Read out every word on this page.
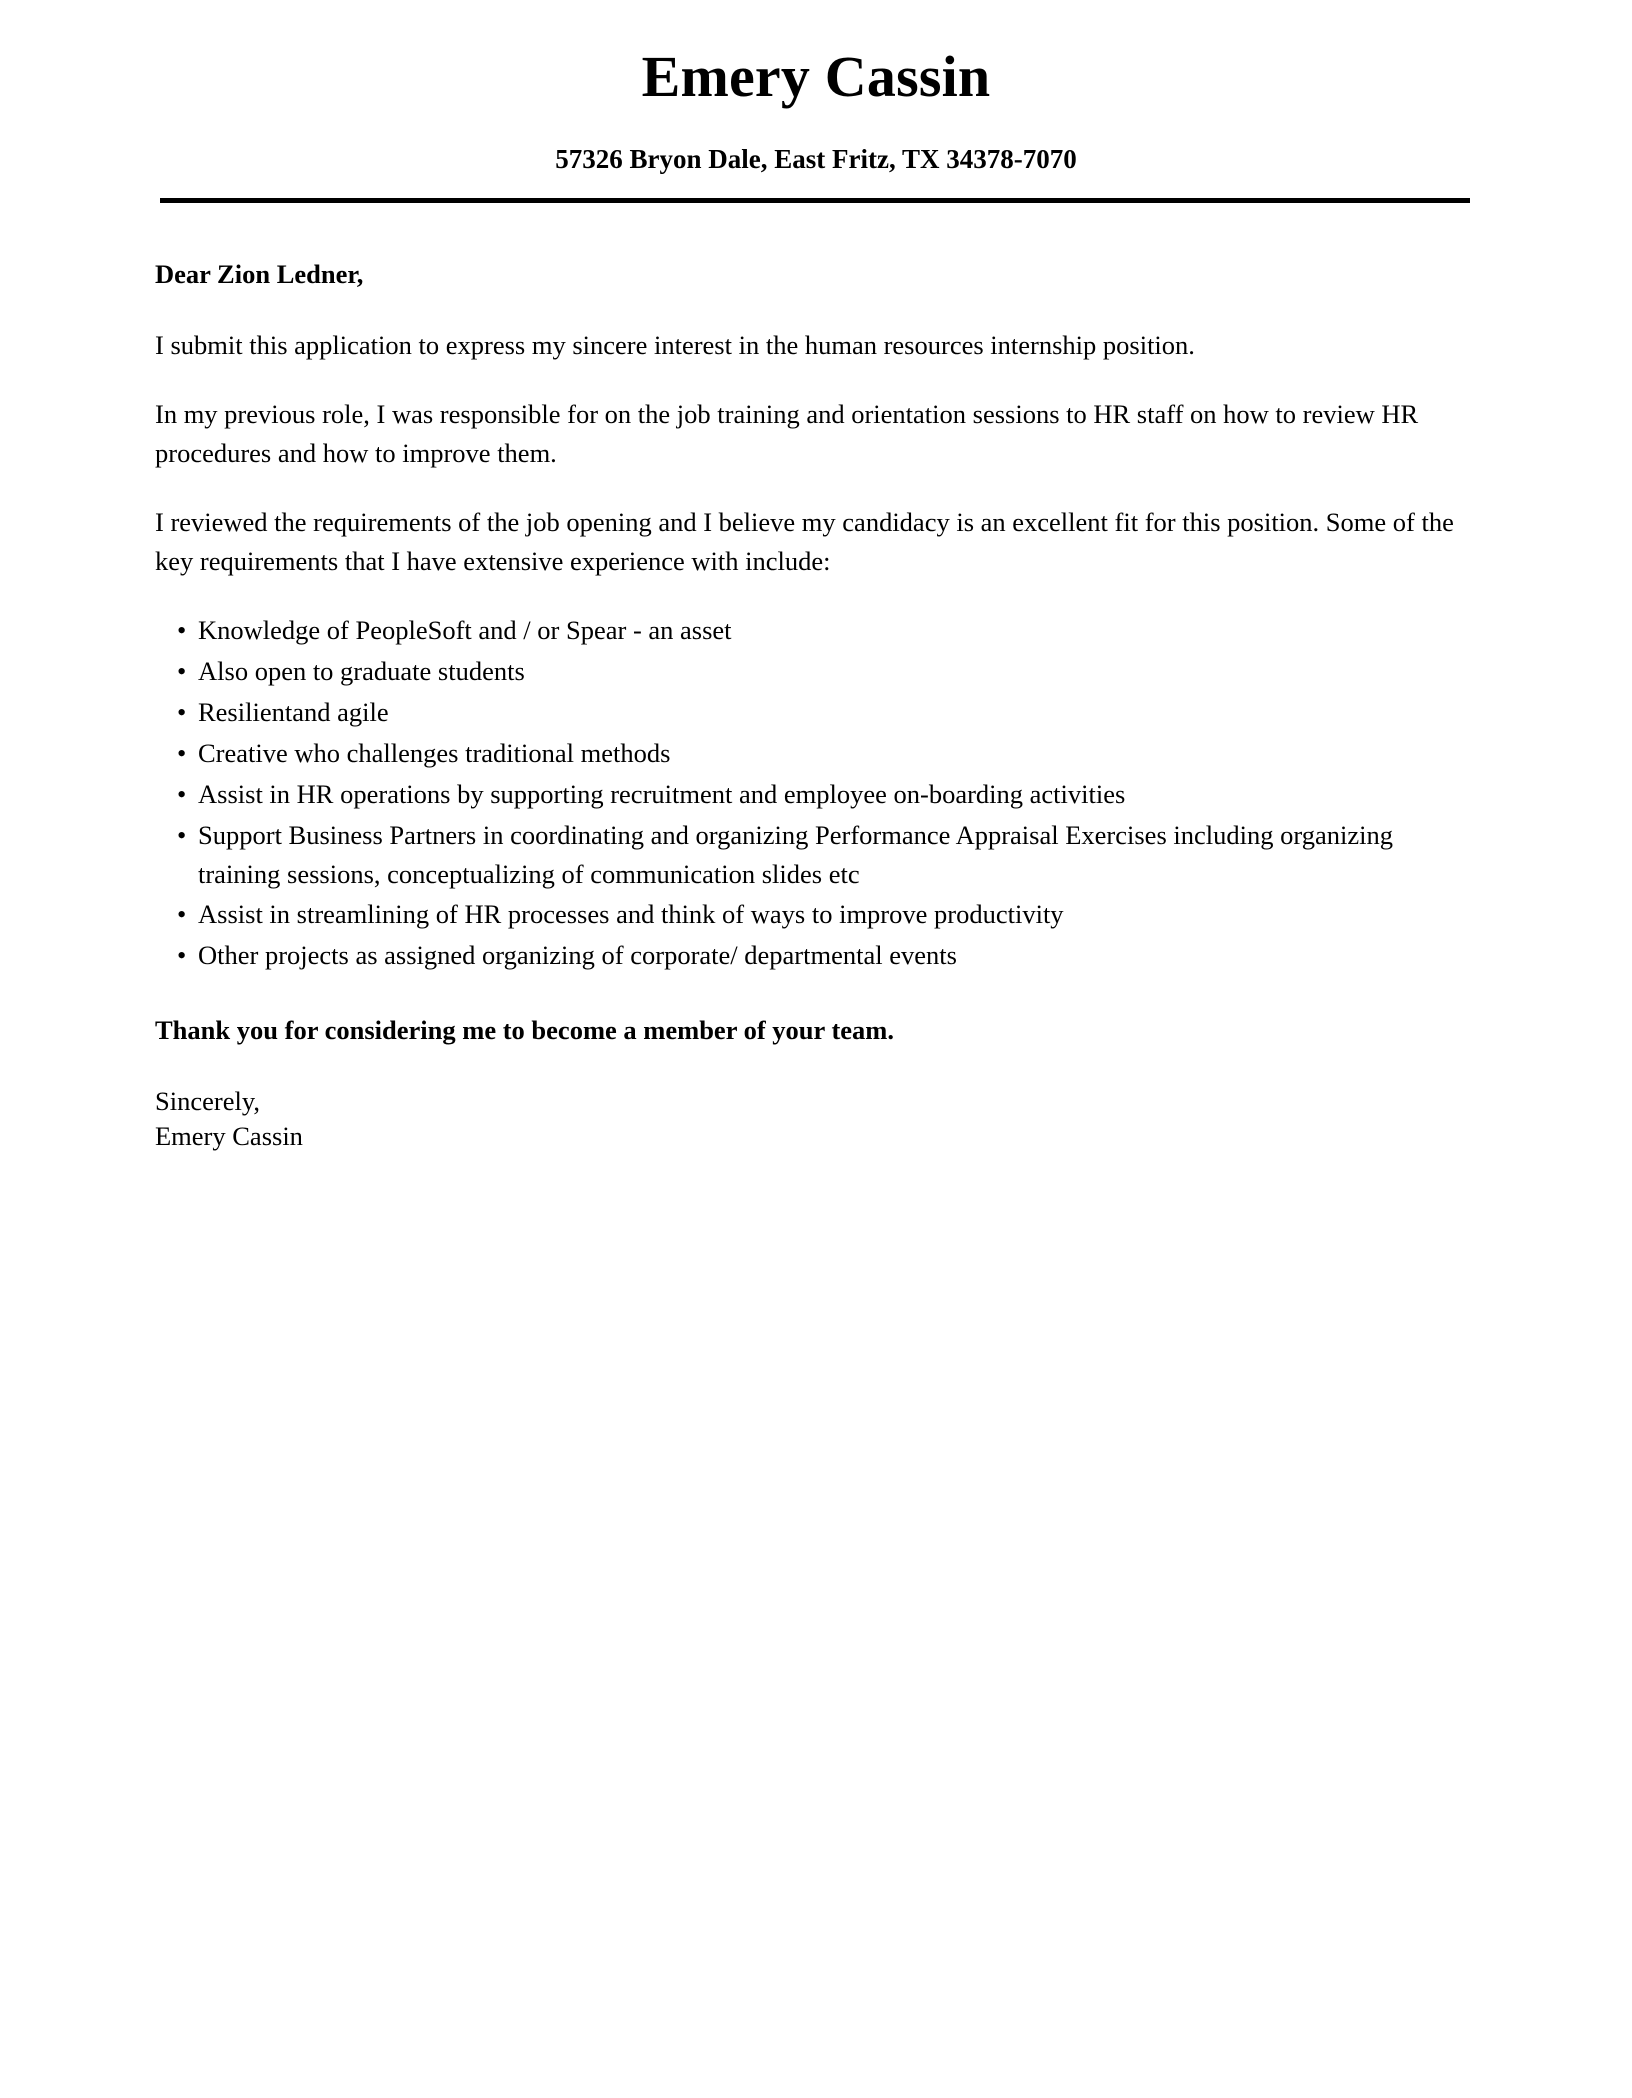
Emery Cassin
57326 Bryon Dale, East Fritz, TX 34378-7070

Dear Zion Ledner,

I submit this application to express my sincere interest in the human resources internship position.

In my previous role, I was responsible for on the job training and orientation sessions to HR staff on how to review HR procedures and how to improve them.

I reviewed the requirements of the job opening and I believe my candidacy is an excellent fit for this position. Some of the key requirements that I have extensive experience with include:

• Knowledge of PeopleSoft and / or Spear - an asset
• Also open to graduate students
• Resilientand agile
• Creative who challenges traditional methods
• Assist in HR operations by supporting recruitment and employee on-boarding activities
• Support Business Partners in coordinating and organizing Performance Appraisal Exercises including organizing training sessions, conceptualizing of communication slides etc
• Assist in streamlining of HR processes and think of ways to improve productivity
• Other projects as assigned organizing of corporate/ departmental events

Thank you for considering me to become a member of your team.

Sincerely,
Emery Cassin
